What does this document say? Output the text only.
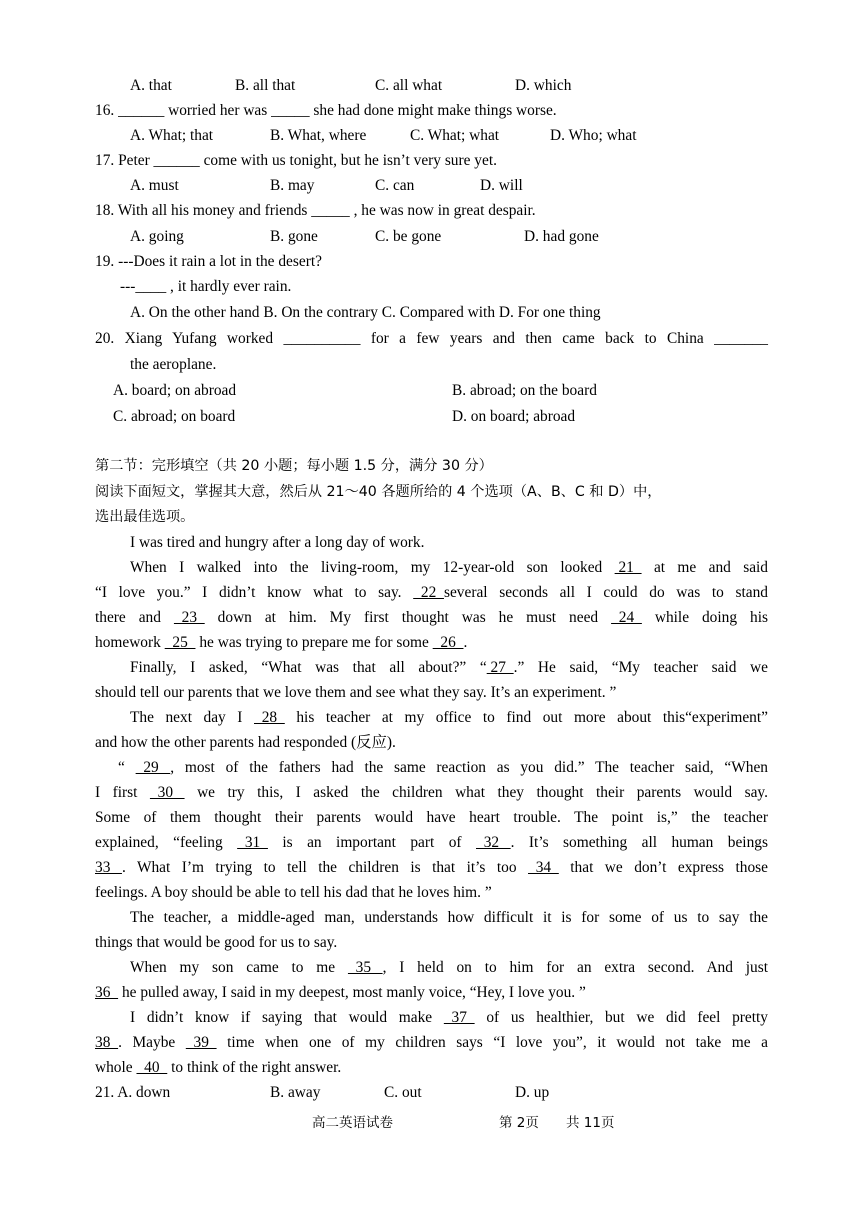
A. that	B. all that	C. all what	D. which
16. ______ worried her was _____ she had done might make things worse.
A. What; that	B. What, where	C. What; what	D. Who; what
17. Peter ______ come with us tonight, but he isn’t very sure yet.
A. must	B. may	C. can	D. will
18. With all his money and friends _____ , he was now in great despair.
A. going	B. gone	C. be gone	D. had gone
19. ---Does it rain a lot in the desert?
---____ , it hardly ever rain.
A. On the other hand B. On the contrary C. Compared with D. For one thing
20. Xiang Yufang worked __________ for a few years and then came back to China _______
the aeroplane.
A. board; on abroad	B. abroad; on the board
C. abroad; on board	D. on board; abroad
第二节：完形填空（共 20 小题；每小题 1.5 分，满分 30 分）
阅读下面短文，掌握其大意，然后从 21～40 各题所给的 4 个选项（A、B、C 和 D）中，
选出最佳选项。
I was tired and hungry after a long day of work.
When I walked into the living-room, my 12-year-old son looked  21   at me and said
“I love you.” I didn’t know what to say.   22  several seconds all I could do was to stand
there and   23   down at him. My first thought was he must need   24   while doing his
homework   25   he was trying to prepare me for some   26  .
Finally, I asked, “What was that all about?” “ 27  .” He said, “My teacher said we
should tell our parents that we love them and see what they say. It’s an experiment. ”
The next day I   28   his teacher at my office to find out more about this“experiment”
and how the other parents had responded (反应).
“   29   , most of the fathers had the same reaction as you did.” The teacher said, “When
I first   30    we try this, I asked the children what they thought their parents would say.
Some of them thought their parents would have heart trouble. The point is,” the teacher
explained, “feeling   31   is an important part of   32   . It’s something all human beings
33   . What I’m trying to tell the children is that it’s too   34   that we don’t express those
feelings. A boy should be able to tell his dad that he loves him. ”
The teacher, a middle-aged man, understands how difficult it is for some of us to say the
things that would be good for us to say.
When my son came to me   35   , I held on to him for an extra second. And just
36   he pulled away, I said in my deepest, most manly voice, “Hey, I love you. ”
I didn’t know if saying that would make   37   of us healthier, but we did feel pretty
38  . Maybe   39   time when one of my children says “I love you”, it would not take me a
whole   40   to think of the right answer.
21. A. down	B. away	C. out	D. up
高二英语试卷	第 2页 共 11页
